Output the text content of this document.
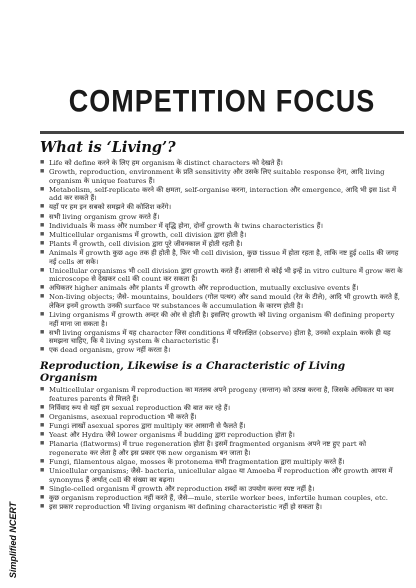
Simplified NCERT
COMPETITION FOCUS
What is ‘Living’?
■ Life को define करने के लिए हम organism के distinct characters को देखते हैं।
■ Growth, reproduction, environment के प्रति sensitivity और उसके लिए suitable response देना, आदि living organism के unique features हैं।
■ Metabolism, self-replicate करने की क्षमता, self-organise करना, interaction और emergence, आदि भी इस list में add कर सकते हैं।
■ यहाँ पर हम इन सबको समझने की कोशिश करेंगे।
■ सभी living organism grow करते हैं।
■ Individuals के mass और number में वृद्धि होना, दोनों growth के twins characteristics हैं।
■ Multicellular organisms में growth, cell division द्वारा होती है।
■ Plants में growth, cell division द्वारा पूरे जीवनकाल में होती रहती है।
■ Animals में growth कुछ age तक ही होती है, फिर भी cell division, कुछ tissue में होता रहता है, ताकि नष्ट हुई cells की जगह नई cells आ सके।
■ Unicellular organisms भी cell division द्वारा growth करते हैं। आसानी से कोई भी इन्हें in vitro culture में grow करा के microscope से देखकर cell की count कर सकता है।
■ अधिकतर higher animals और plants में growth और reproduction, mutually exclusive events हैं।
■ Non-living objects; जैसे- mountains, boulders (गोल पत्थर) और sand mould (रेत के टीले), आदि भी growth करते हैं, लेकिन इनमें growth उनकी surface पर substances के accumulation के कारण होती है।
■ Living organisms में growth अन्दर की ओर से होती है। इसलिए growth को living organism की defining property नहीं माना जा सकता है।
■ सभी living organisms में यह character जिस conditions में परिलक्षित (observe) होता है, उनको explain करके ही यह समझना चाहिए, कि ये living system के characteristic हैं।
■ एक dead organism, grow नहीं करता है।
Reproduction, Likewise is a Characteristic of Living Organism
■ Multicellular organism में reproduction का मतलब अपने progeny (सन्तान) को उत्पन्न करना है, जिसके अधिकतर या कम features parents से मिलते हैं।
■ निर्विवाद रूप से यहाँ हम sexual reproduction की बात कर रहे हैं।
■ Organisms, asexual reproduction भी करते हैं।
■ Fungi लाखों asexual spores द्वारा multiply कर आसानी से फैलते हैं।
■ Yeast और Hydra जैसे lower organisms में budding द्वारा reproduction होता है।
■ Planaria (flatworms) में true regeneration होता है। इसमें fragmented organism अपने नष्ट हुए part को regenerate कर लेता है और इस प्रकार एक new organism बन जाता है।
■ Fungi, filamentous algae, mosses के protonema सभी fragmentation द्वारा multiply करते हैं।
■ Unicellular organisms; जैसे- bacteria, unicellular algae या Amoeba में reproduction और growth आपस में synonyms हैं अर्थात् cell की संख्या का बढ़ना।
■ Single-celled organism में growth और reproduction शब्दों का उपयोग करना स्पष्ट नहीं है।
■ कुछ organism reproduction नहीं करते हैं, जैसे—mule, sterile worker bees, infertile human couples, etc.
■ इस प्रकार reproduction भी living organism का defining characteristic नहीं हो सकता है।
